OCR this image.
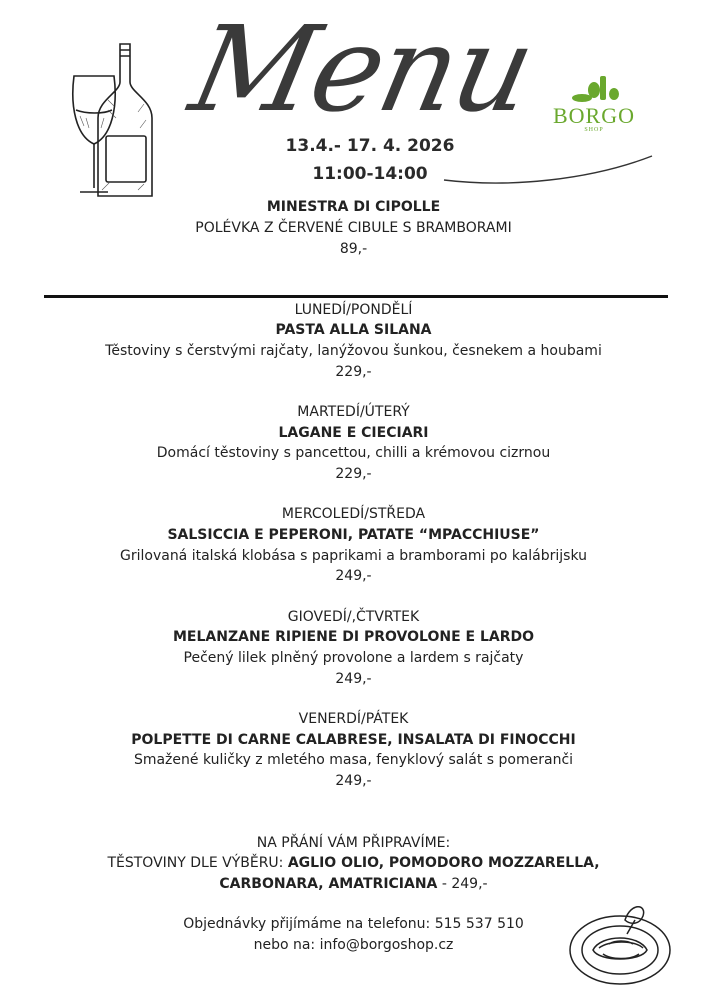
Menu
13.4.- 17. 4. 2026
11:00-14:00
BORGO
SHOP
MINESTRA DI CIPOLLE
POLÉVKA Z ČERVENÉ CIBULE S BRAMBORAMI
89,-
LUNEDÍ/PONDĚLÍ
PASTA ALLA SILANA
Těstoviny s čerstvými rajčaty, lanýžovou šunkou, česnekem a houbami
229,-
MARTEDÍ/ÚTERÝ
LAGANE E CIECIARI
Domácí těstoviny s pancettou, chilli a krémovou cizrnou
229,-
MERCOLEDÍ/STŘEDA
SALSICCIA E PEPERONI, PATATE “MPACCHIUSE”
Grilovaná italská klobása s paprikami a bramborami po kalábrijsku
249,-
GIOVEDÍ/,ČTVRTEK
MELANZANE RIPIENE DI PROVOLONE E LARDO
Pečený lilek plněný provolone a lardem s rajčaty
249,-
VENERDÍ/PÁTEK
POLPETTE DI CARNE CALABRESE, INSALATA DI FINOCCHI
Smažené kuličky z mletého masa, fenyklový salát s pomeranči
249,-
NA PŘÁNÍ VÁM PŘIPRAVÍME:
TĚSTOVINY DLE VÝBĚRU: AGLIO OLIO, POMODORO MOZZARELLA,
CARBONARA, AMATRICIANA - 249,-
Objednávky přijímáme na telefonu: 515 537 510
nebo na: info@borgoshop.cz
